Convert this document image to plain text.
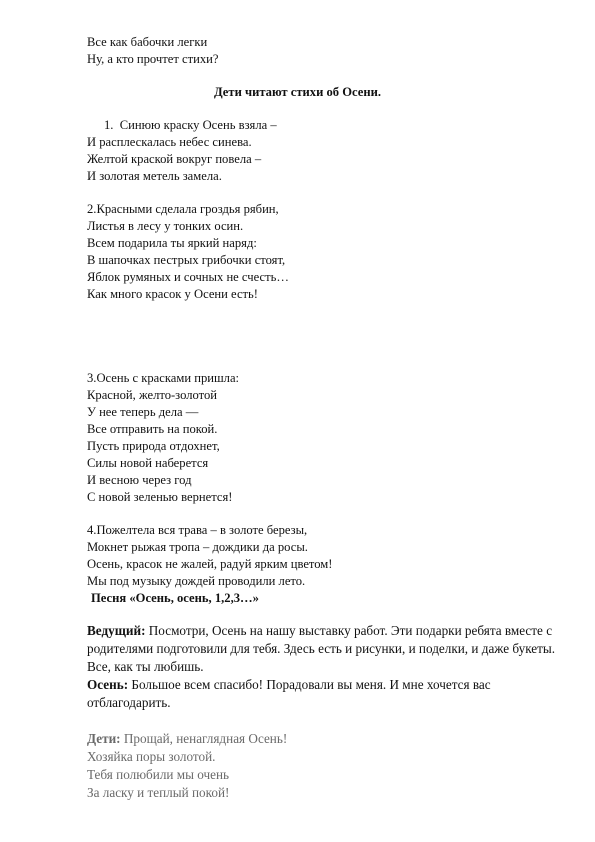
Все как бабочки легки
Ну, а кто прочтет стихи?
Дети читают стихи об Осени.
1. Синюю краску Осень взяла –
И расплескалась небес синева.
Желтой краской вокруг повела –
И золотая метель замела.
2.Красными сделала гроздья рябин,
Листья в лесу у тонких осин.
Всем подарила ты яркий наряд:
В шапочках пестрых грибочки стоят,
Яблок румяных и сочных не счесть…
Как много красок у Осени есть!
3.Осень с красками пришла:
Красной, желто-золотой
У нее теперь дела —
Все отправить на покой.
Пусть природа отдохнет,
Силы новой наберется
И весною через год
С новой зеленью вернется!
4.Пожелтела вся трава – в золоте березы,
Мокнет рыжая тропа – дождики да росы.
Осень, красок не жалей, радуй ярким цветом!
Мы под музыку дождей проводили лето.
Песня «Осень, осень, 1,2,3…»
Ведущий: Посмотри, Осень на нашу выставку работ. Эти подарки ребята вместе с родителями подготовили для тебя. Здесь есть и рисунки, и поделки, и даже букеты. Все, как ты любишь.
Осень: Большое всем спасибо! Порадовали вы меня. И мне хочется вас отблагодарить.
Дети: Прощай, ненаглядная Осень!
Хозяйка поры золотой.
Тебя полюбили мы очень
За ласку и теплый покой!
